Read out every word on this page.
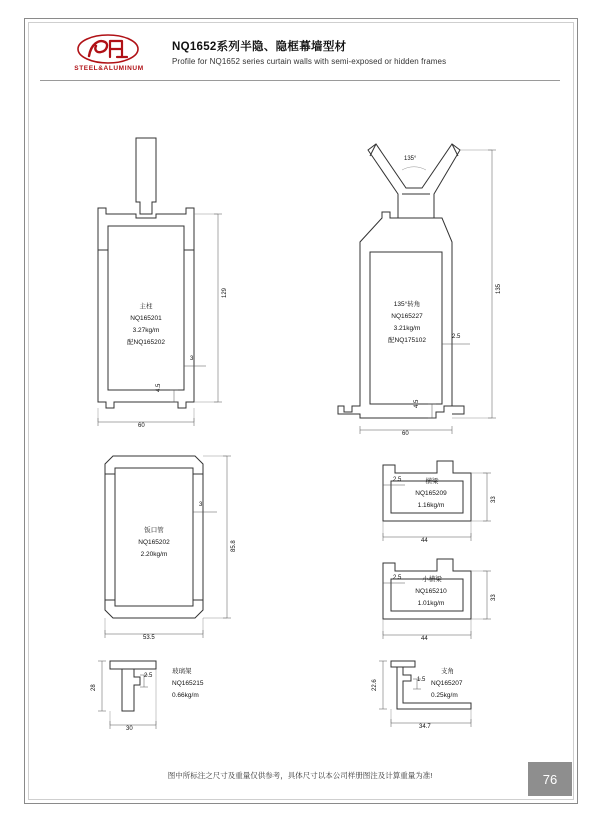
STEEL&ALUMINUM
NQ1652系列半隐、隐框幕墙型材
Profile for NQ1652 series curtain walls with semi-exposed or hidden frames
主柱
NQ165201
3.27kg/m
配NQ165202
129
60
3
4.5
135°
135°转角
NQ165227
3.21kg/m
配NQ175102
135
60
2.5
4.5
钣口管
NQ165202
2.20kg/m
85.8
53.5
3
2.5	横梁
NQ165209
1.16kg/m
33
44
2.5	小横梁
NQ165210
1.01kg/m
33
44
28
2.5
30
玻璃架
NQ165215
0.66kg/m
22.6	1.5
34.7
支角
NQ165207
0.25kg/m
图中所标注之尺寸及重量仅供参考，具体尺寸以本公司样册图注及计算重量为准!	76
